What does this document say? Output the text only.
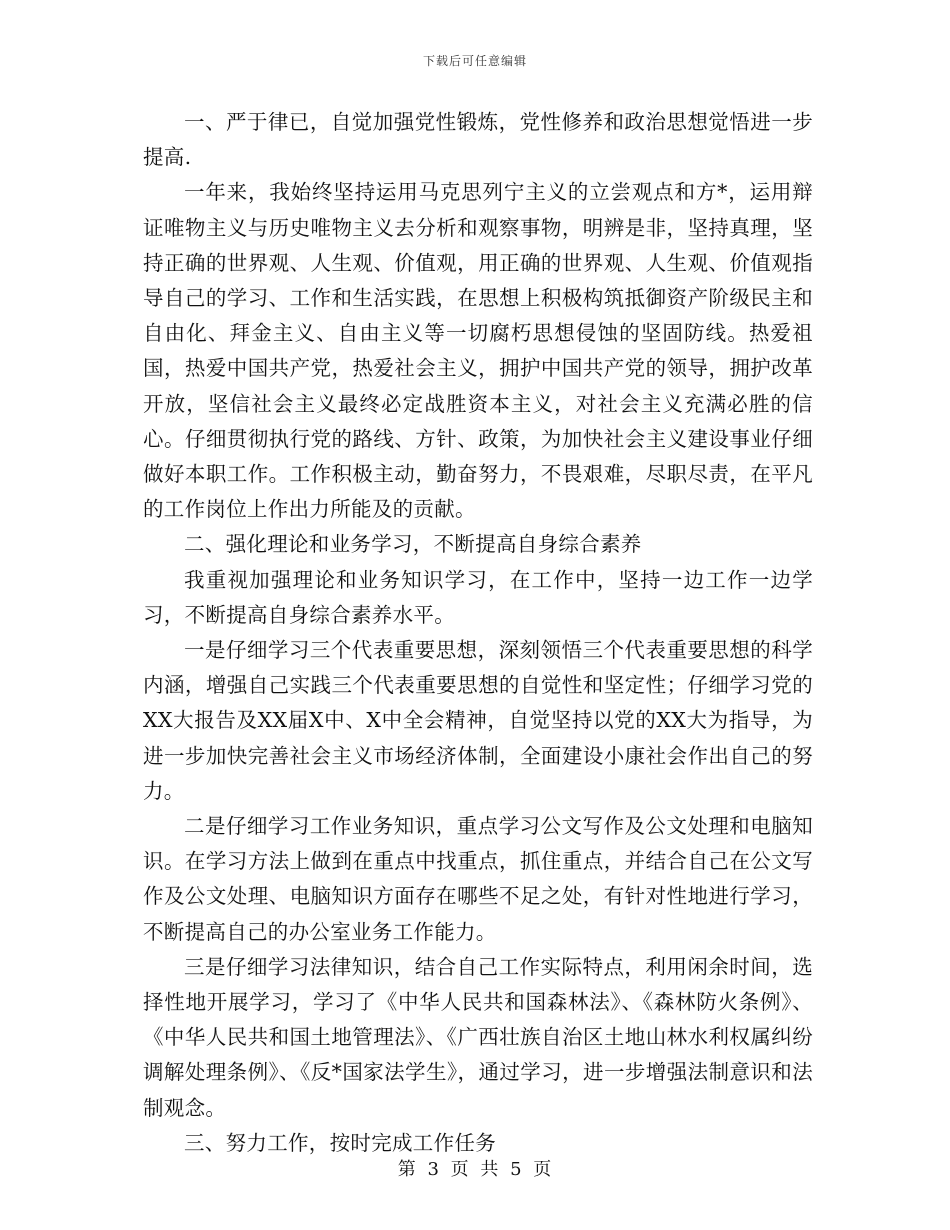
下载后可任意编辑

一、严于律已，自觉加强党性锻炼，党性修养和政治思想觉悟进一步提高.

一年来，我始终坚持运用马克思列宁主义的立尝观点和方*，运用辩证唯物主义与历史唯物主义去分析和观察事物，明辨是非，坚持真理，坚持正确的世界观、人生观、价值观，用正确的世界观、人生观、价值观指导自己的学习、工作和生活实践，在思想上积极构筑抵御资产阶级民主和自由化、拜金主义、自由主义等一切腐朽思想侵蚀的坚固防线。热爱祖国，热爱中国共产党，热爱社会主义，拥护中国共产党的领导，拥护改革开放，坚信社会主义最终必定战胜资本主义，对社会主义充满必胜的信心。仔细贯彻执行党的路线、方针、政策，为加快社会主义建设事业仔细做好本职工作。工作积极主动，勤奋努力，不畏艰难，尽职尽责，在平凡的工作岗位上作出力所能及的贡献。

二、强化理论和业务学习，不断提高自身综合素养

我重视加强理论和业务知识学习，在工作中，坚持一边工作一边学习，不断提高自身综合素养水平。

一是仔细学习三个代表重要思想，深刻领悟三个代表重要思想的科学内涵，增强自己实践三个代表重要思想的自觉性和坚定性；仔细学习党的XX大报告及XX届X中、X中全会精神，自觉坚持以党的XX大为指导，为进一步加快完善社会主义市场经济体制，全面建设小康社会作出自己的努力。

二是仔细学习工作业务知识，重点学习公文写作及公文处理和电脑知识。在学习方法上做到在重点中找重点，抓住重点，并结合自己在公文写作及公文处理、电脑知识方面存在哪些不足之处，有针对性地进行学习，不断提高自己的办公室业务工作能力。

三是仔细学习法律知识，结合自己工作实际特点，利用闲余时间，选择性地开展学习，学习了《中华人民共和国森林法》、《森林防火条例》、《中华人民共和国土地管理法》、《广西壮族自治区土地山林水利权属纠纷调解处理条例》、《反*国家法学生》，通过学习，进一步增强法制意识和法制观念。

三、努力工作，按时完成工作任务

第 3 页 共 5 页
